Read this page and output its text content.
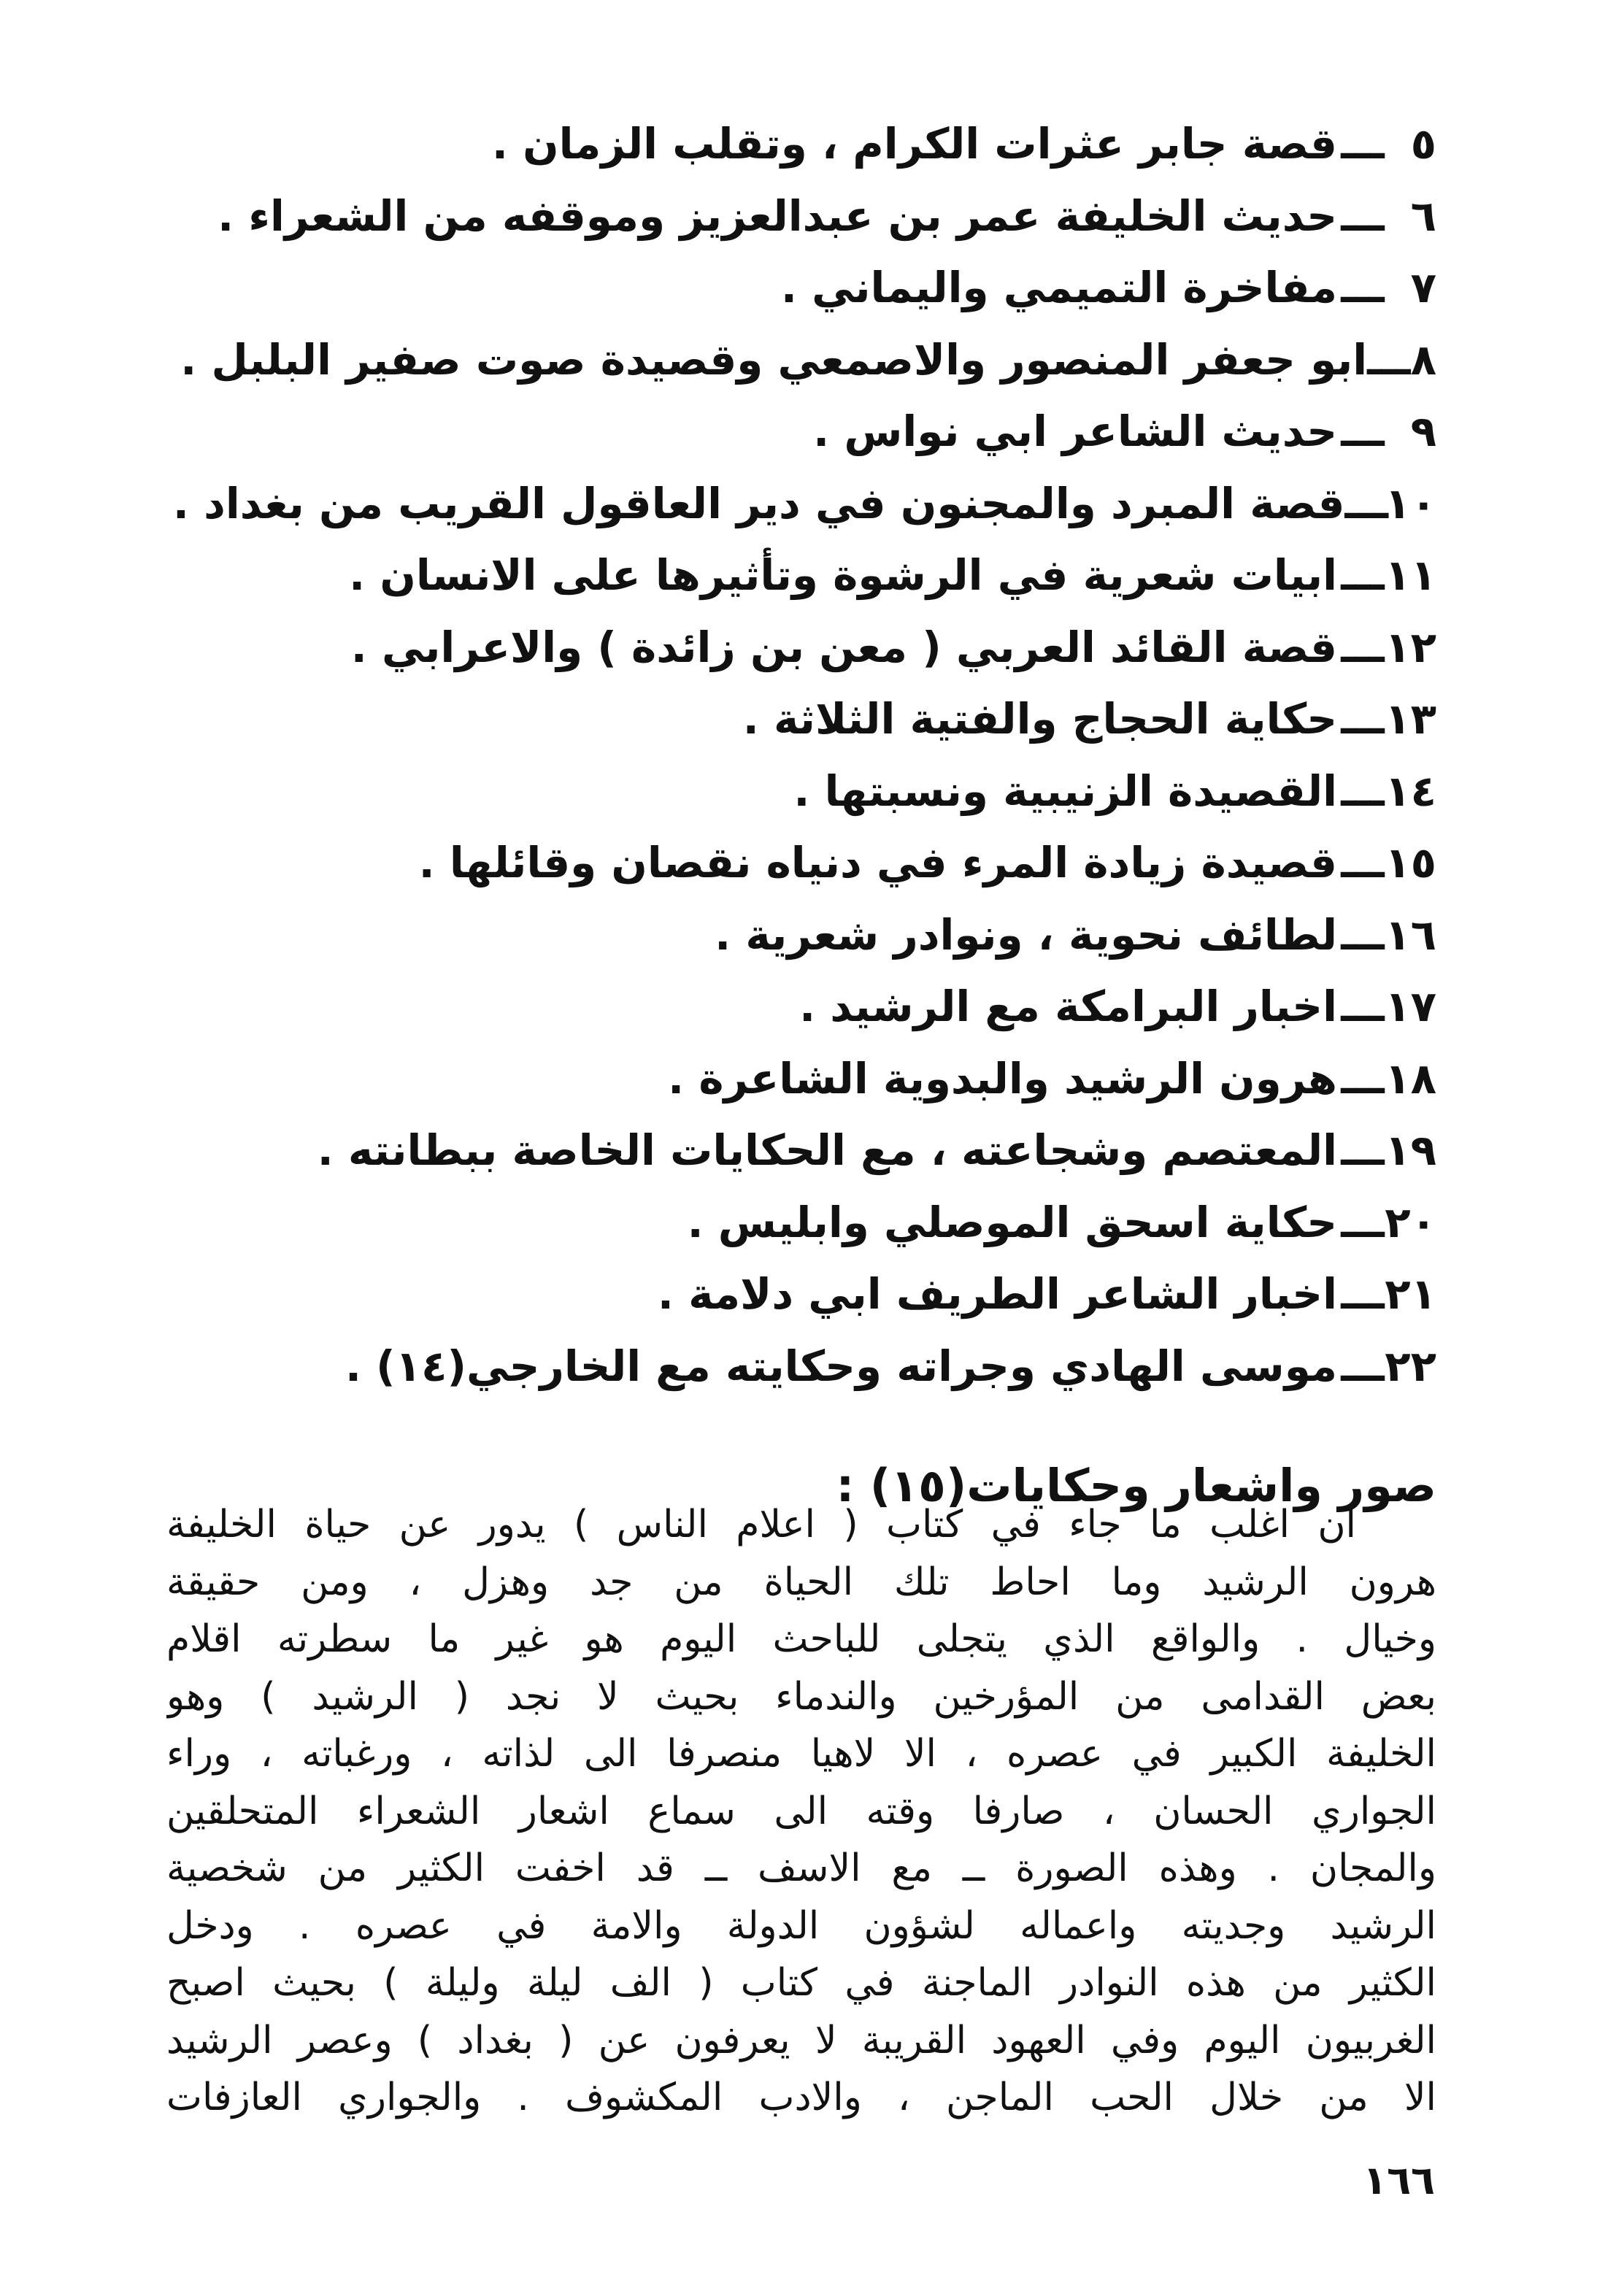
٥
ـــ
قصة جابر عثرات الكرام ، وتقلب الزمان .
٦
ـــ
حديث الخليفة عمر بن عبدالعزيز وموقفه من الشعراء .
٧
ـــ
مفاخرة التميمي واليماني .
٨
ـــ
ابو جعفر المنصور والاصمعي وقصيدة صوت صفير البلبل .
٩
ـــ
حديث الشاعر ابي نواس .
١٠
ـــ
قصة المبرد والمجنون في دير العاقول القريب من بغداد .
١١
ـــ
ابيات شعرية في الرشوة وتأثيرها على الانسان .
١٢
ـــ
قصة القائد العربي ( معن بن زائدة ) والاعرابي .
١٣
ـــ
حكاية الحجاج والفتية الثلاثة .
١٤
ـــ
القصيدة الزنيبية ونسبتها .
١٥
ـــ
قصيدة زيادة المرء في دنياه نقصان وقائلها .
١٦
ـــ
لطائف نحوية ، ونوادر شعرية .
١٧
ـــ
اخبار البرامكة مع الرشيد .
١٨
ـــ
هرون الرشيد والبدوية الشاعرة .
١٩
ـــ
المعتصم وشجاعته ، مع الحكايات الخاصة ببطانته .
٢٠
ـــ
حكاية اسحق الموصلي وابليس .
٢١
ـــ
اخبار الشاعر الطريف ابي دلامة .
٢٢
ـــ
موسى الهادي وجراته وحكايته مع الخارجي(١٤) .
صور واشعار وحكايات(١٥) :
ان اغلب ما جاء في كتاب ( اعلام الناس ) يدور عن حياة الخليفة
هرون الرشيد وما احاط تلك الحياة من جد وهزل ، ومن حقيقة
وخيال . والواقع الذي يتجلى للباحث اليوم هو غير ما سطرته اقلام
بعض القدامى من المؤرخين والندماء بحيث لا نجد ( الرشيد ) وهو
الخليفة الكبير في عصره ، الا لاهيا منصرفا الى لذاته ، ورغباته ، وراء
الجواري الحسان ، صارفا وقته الى سماع اشعار الشعراء المتحلقين
والمجان . وهذه الصورة ــ مع الاسف ــ قد اخفت الكثير من شخصية
الرشيد وجديته واعماله لشؤون الدولة والامة في عصره . ودخل
الكثير من هذه النوادر الماجنة في كتاب ( الف ليلة وليلة ) بحيث اصبح
الغربيون اليوم وفي العهود القريبة لا يعرفون عن ( بغداد ) وعصر الرشيد
الا من خلال الحب الماجن ، والادب المكشوف . والجواري العازفات
١٦٦
